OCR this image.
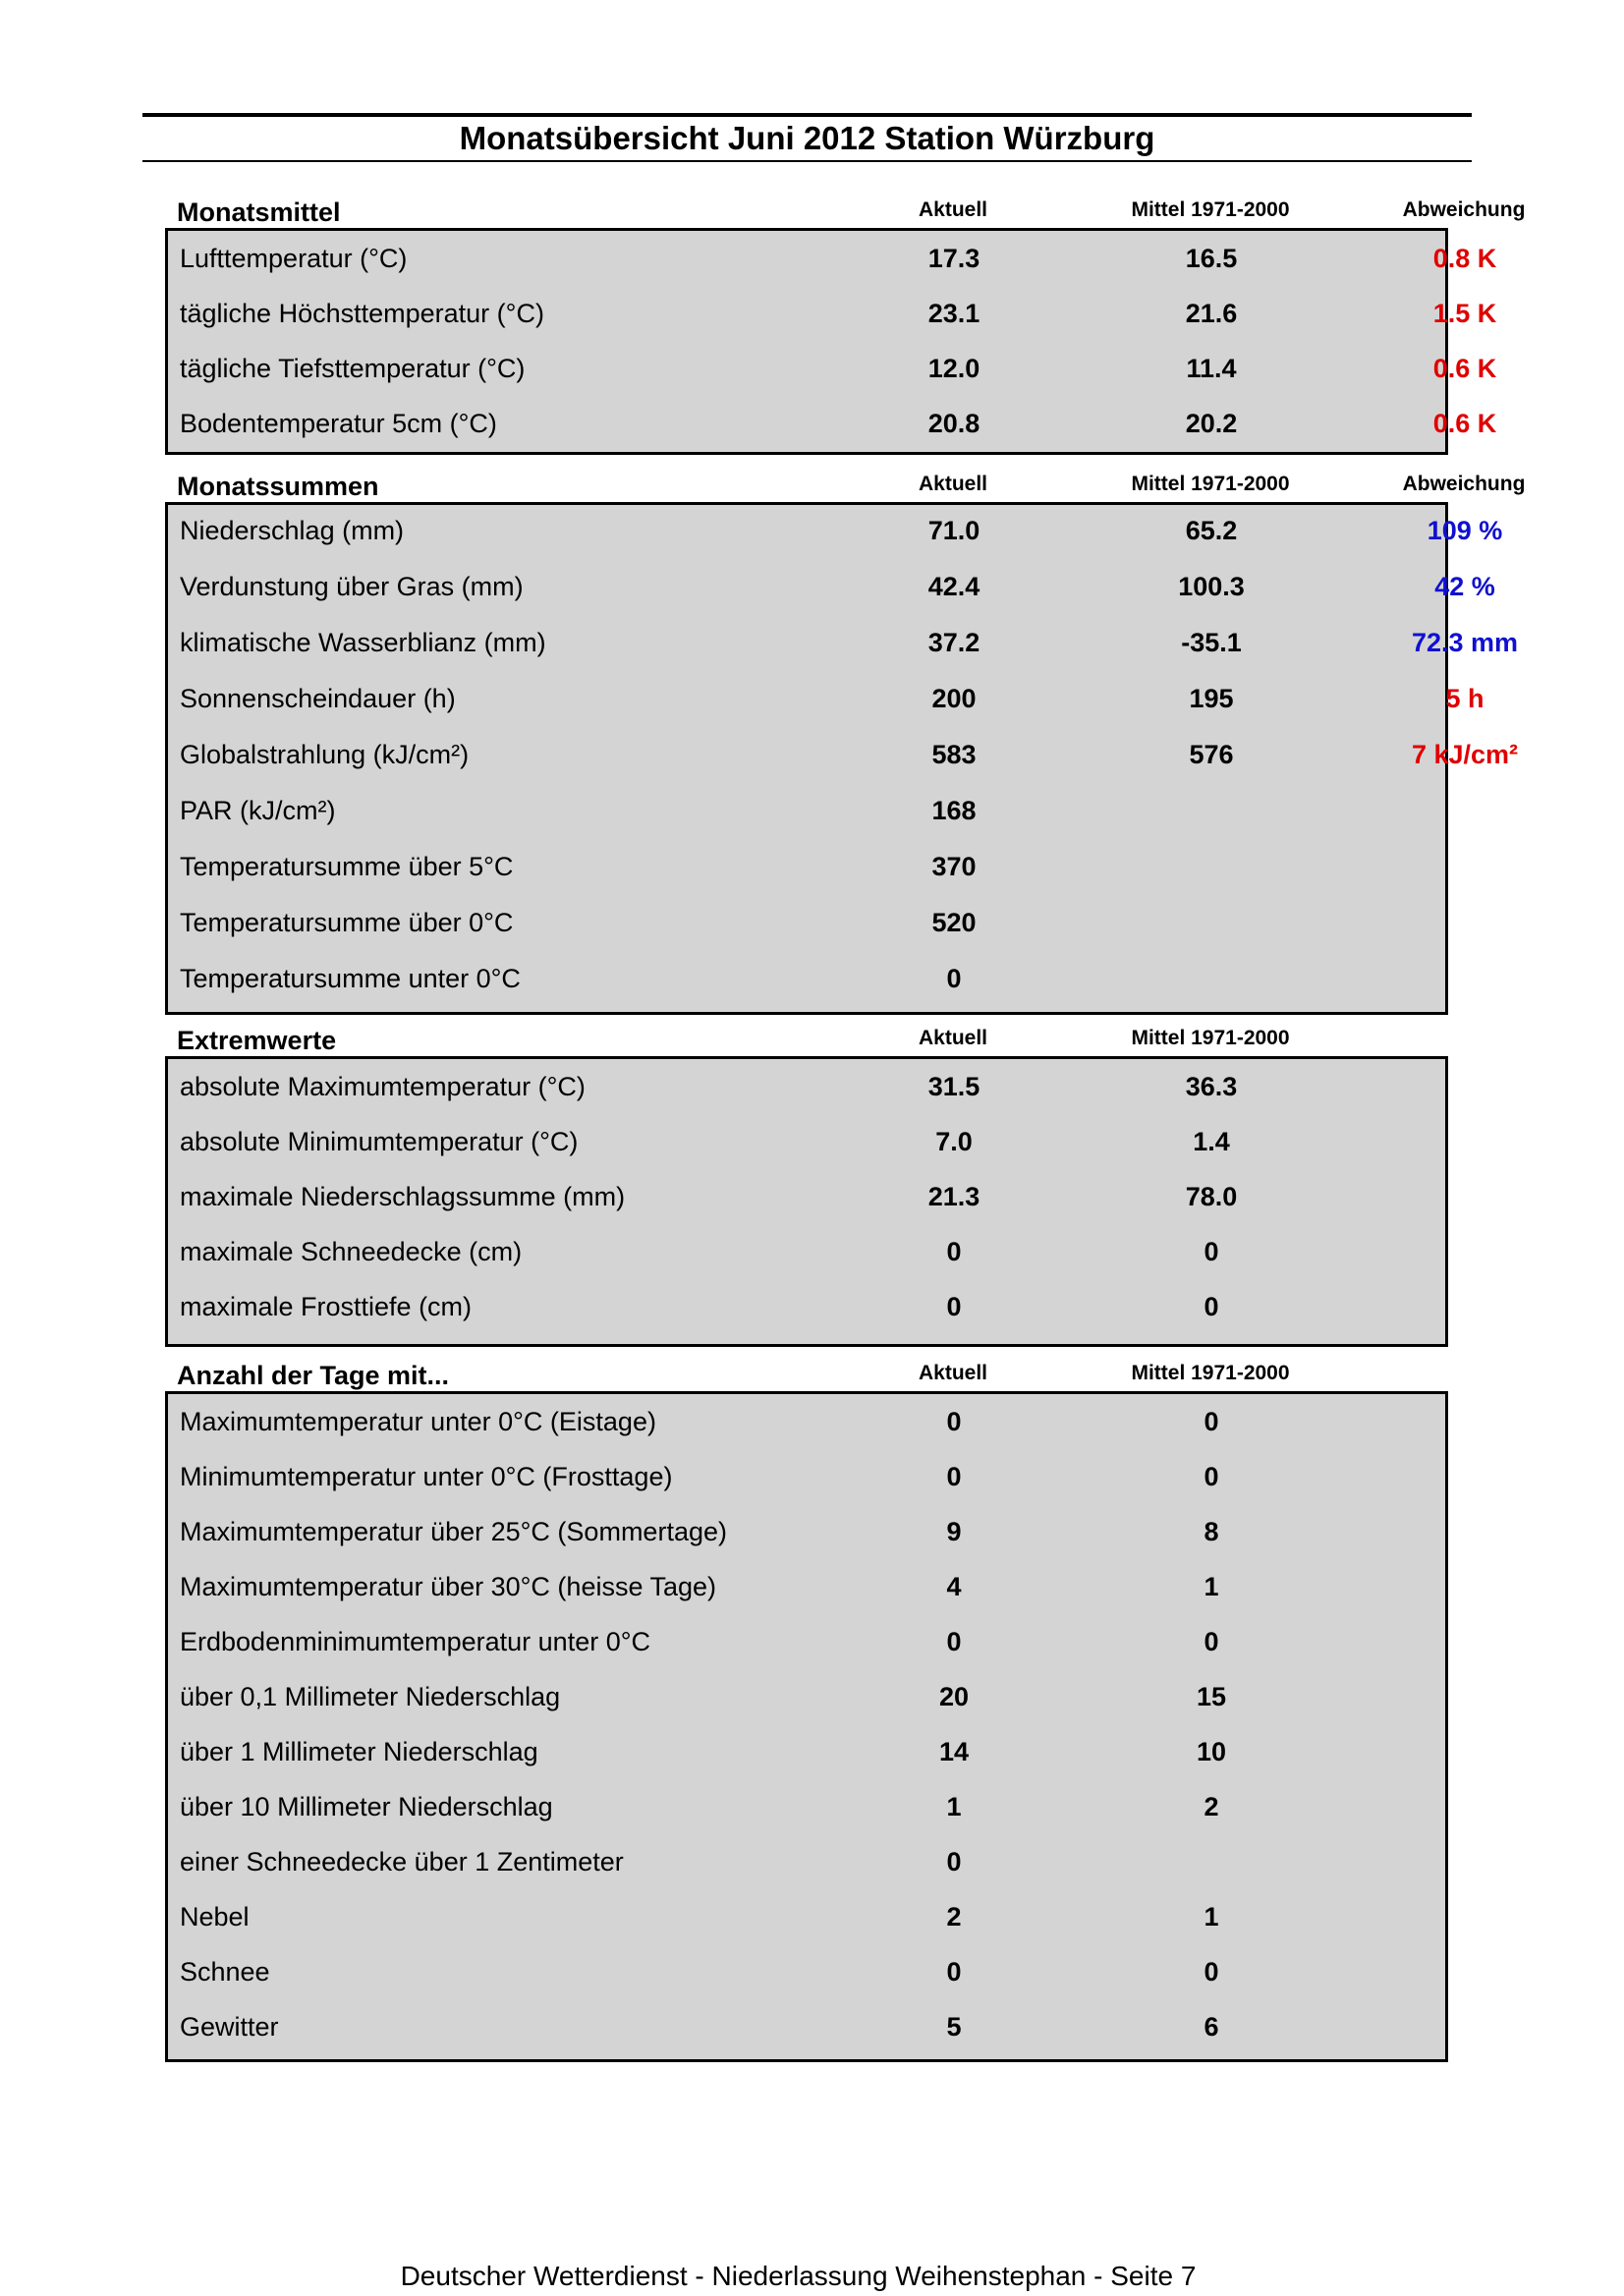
Monatsübersicht Juni 2012 Station Würzburg
Monatsmittel	Aktuell	Mittel 1971-2000	Abweichung
Lufttemperatur (°C)	17.3	16.5	0.8 K
tägliche Höchsttemperatur (°C)	23.1	21.6	1.5 K
tägliche Tiefsttemperatur (°C)	12.0	11.4	0.6 K
Bodentemperatur 5cm (°C)	20.8	20.2	0.6 K
Monatssummen	Aktuell	Mittel 1971-2000	Abweichung
Niederschlag (mm)	71.0	65.2	109 %
Verdunstung über Gras (mm)	42.4	100.3	42 %
klimatische Wasserblianz (mm)	37.2	-35.1	72.3 mm
Sonnenscheindauer (h)	200	195	5 h
Globalstrahlung (kJ/cm²)	583	576	7 kJ/cm²
PAR (kJ/cm²)	168
Temperatursumme über 5°C	370
Temperatursumme über 0°C	520
Temperatursumme unter 0°C	0
Extremwerte	Aktuell	Mittel 1971-2000
absolute Maximumtemperatur (°C)	31.5	36.3
absolute Minimumtemperatur (°C)	7.0	1.4
maximale Niederschlagssumme (mm)	21.3	78.0
maximale Schneedecke (cm)	0	0
maximale Frosttiefe (cm)	0	0
Anzahl der Tage mit...	Aktuell	Mittel 1971-2000
Maximumtemperatur unter 0°C (Eistage)	0	0
Minimumtemperatur unter 0°C (Frosttage)	0	0
Maximumtemperatur über 25°C (Sommertage)	9	8
Maximumtemperatur über 30°C (heisse Tage)	4	1
Erdbodenminimumtemperatur unter 0°C	0	0
über 0,1 Millimeter Niederschlag	20	15
über 1 Millimeter Niederschlag	14	10
über 10 Millimeter Niederschlag	1	2
einer Schneedecke über 1 Zentimeter	0
Nebel	2	1
Schnee	0	0
Gewitter	5	6
Deutscher Wetterdienst - Niederlassung Weihenstephan - Seite 7
